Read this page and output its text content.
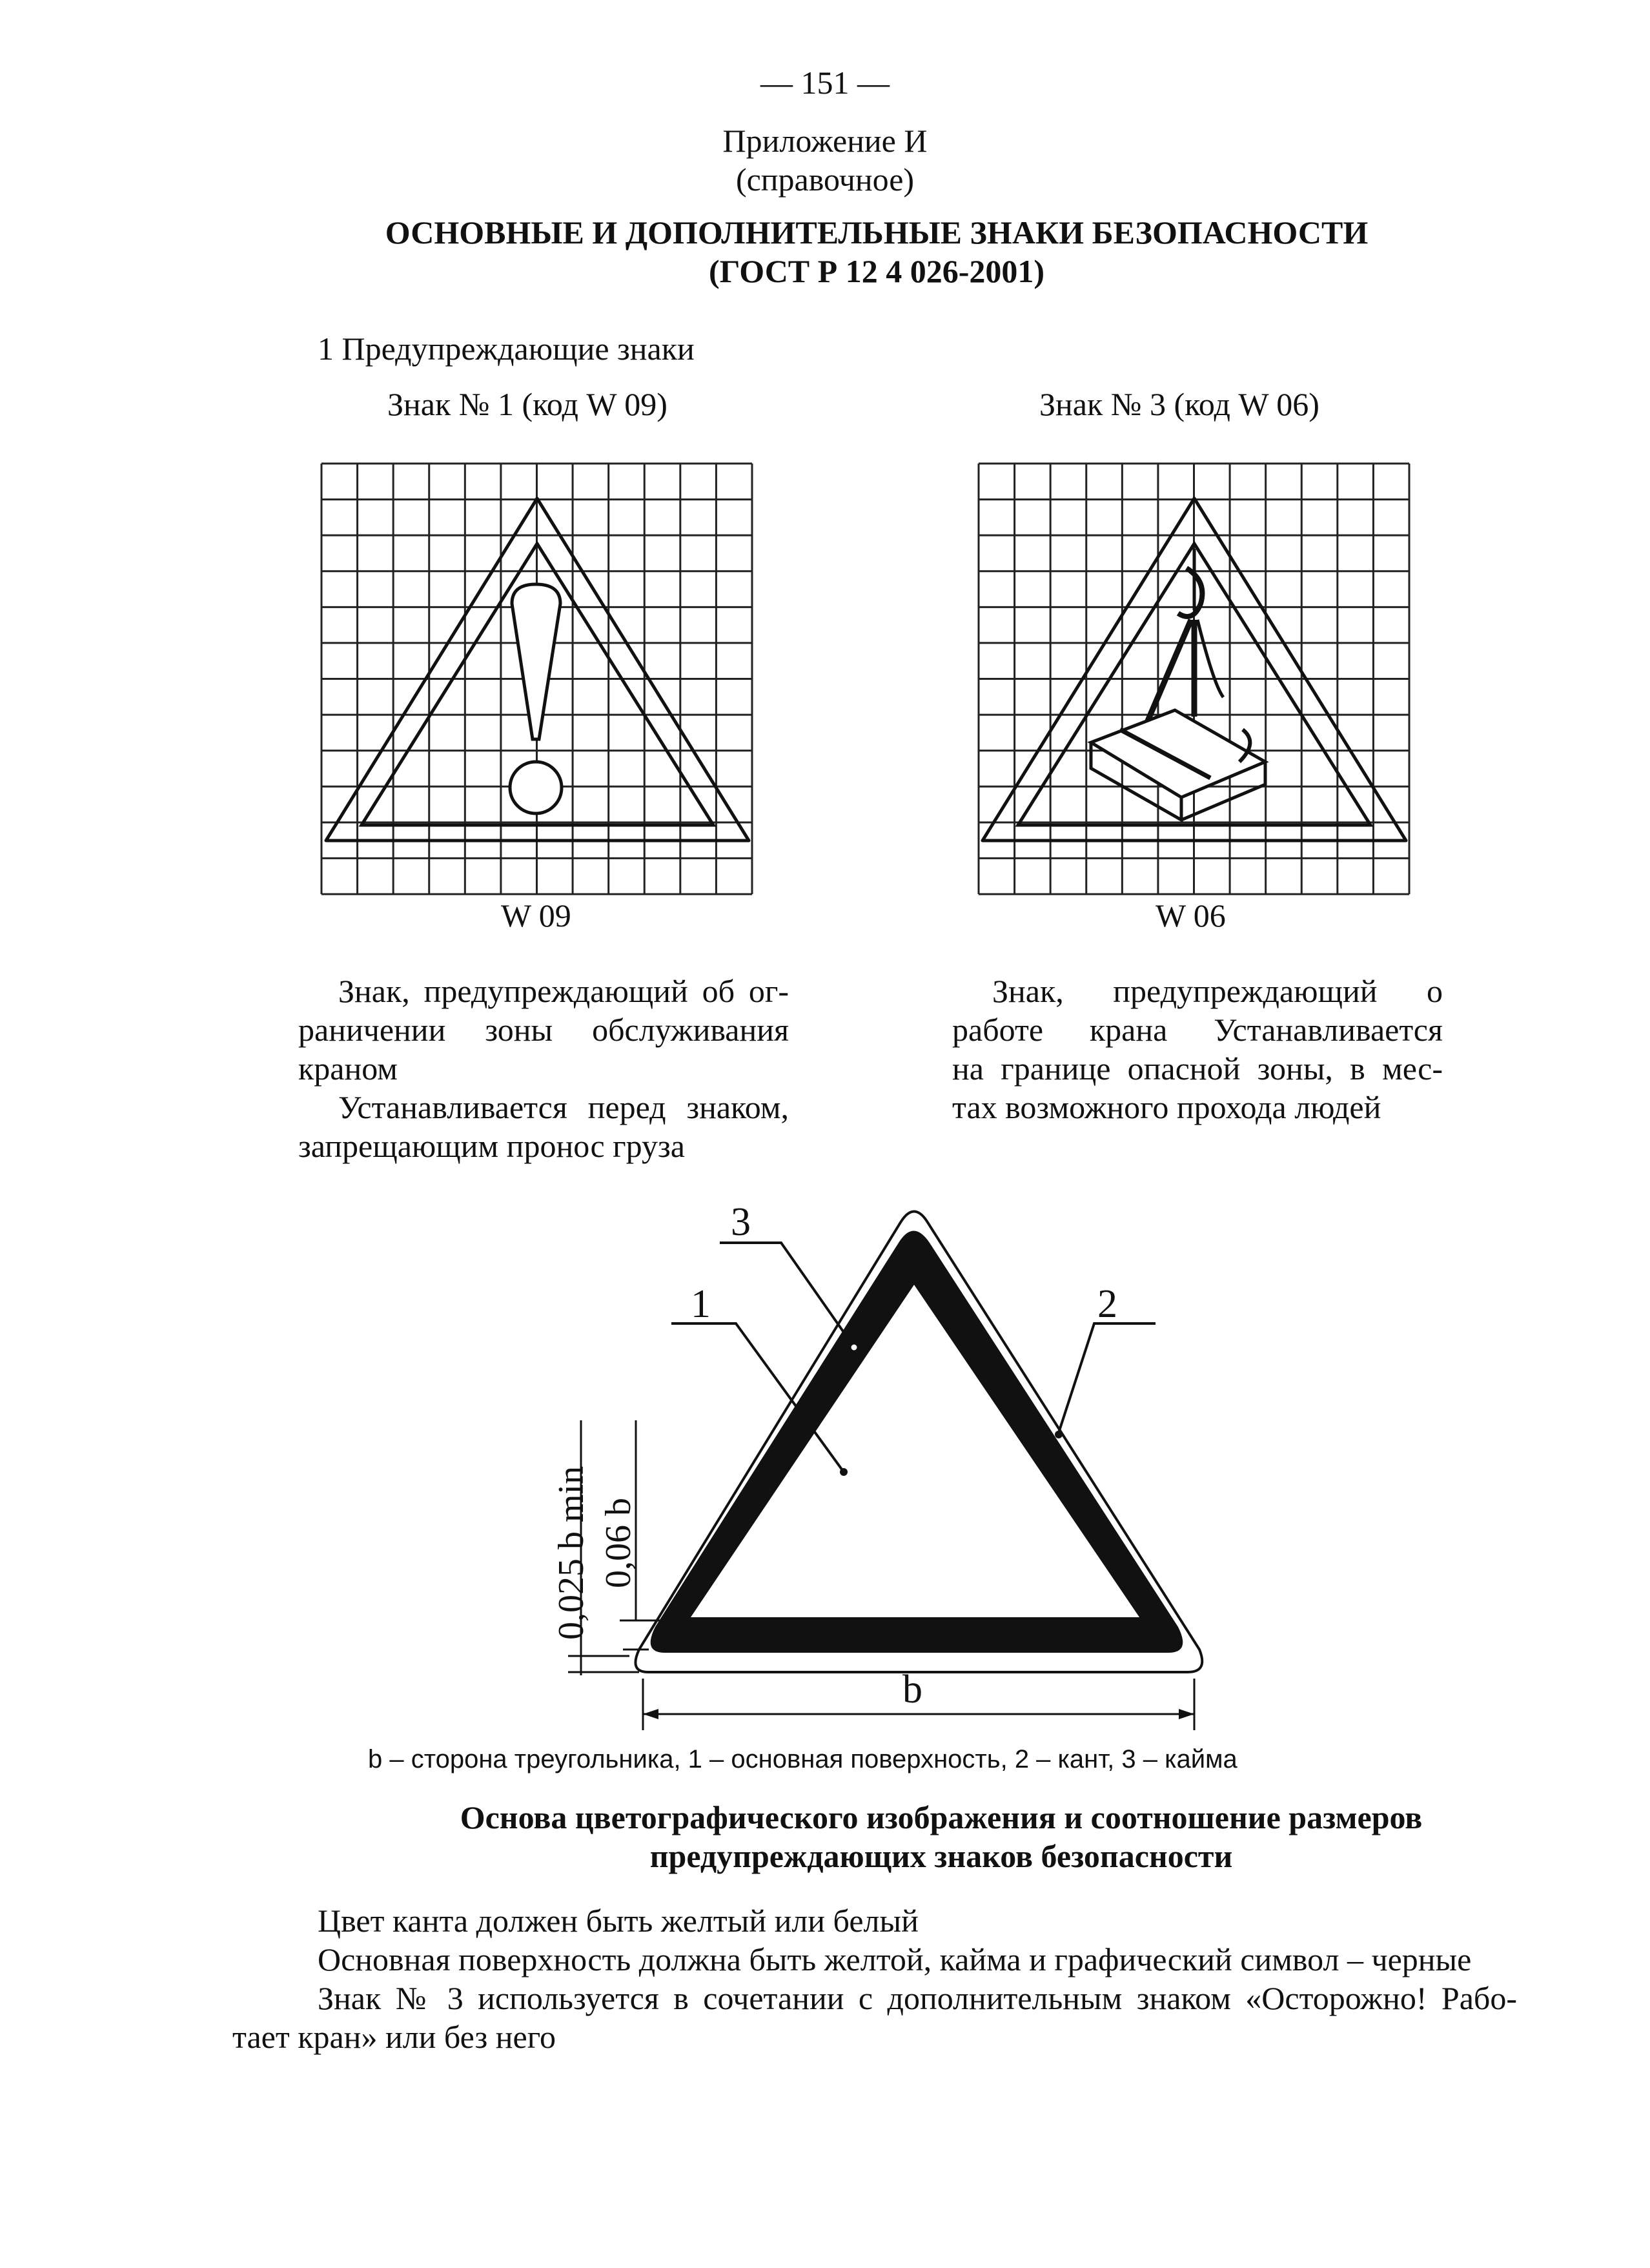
— 151 —
Приложение И
(справочное)
ОСНОВНЫЕ И ДОПОЛНИТЕЛЬНЫЕ ЗНАКИ БЕЗОПАСНОСТИ
(ГОСТ Р 12 4 026-2001)
1 Предупреждающие знаки
Знак № 1 (код W 09)	Знак № 3 (код W 06)
W 09	W 06
Знак, предупреждающий об ог-
раничении зоны обслуживания
краном
Устанавливается перед знаком,
запрещающим пронос груза
Знак, предупреждающий о
работе крана Устанавливается
на границе опасной зоны, в мес-
тах возможного прохода людей
3
1	2
b
0,025 b min 0,06 b
b – сторона треугольника, 1 – основная поверхность, 2 – кант, 3 – кайма
Основа цветографического изображения и соотношение размеров
предупреждающих знаков безопасности
Цвет канта должен быть желтый или белый
Основная поверхность должна быть желтой, кайма и графический символ – черные
Знак № 3 используется в сочетании с дополнительным знаком «Осторожно! Рабо-
тает кран» или без него
